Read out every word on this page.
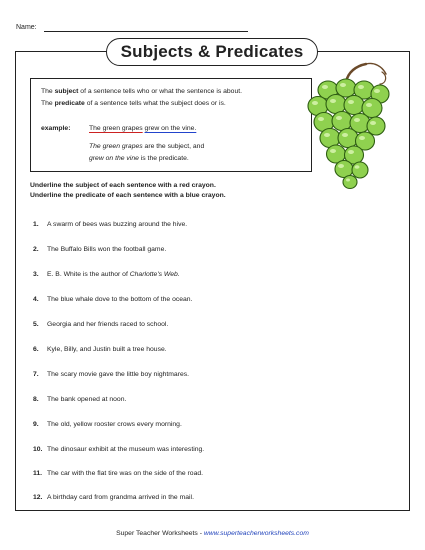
Name:
Subjects & Predicates
The subject of a sentence tells who or what the sentence is about.
The predicate of a sentence tells what the subject does or is.
example:	The green grapes grew on the vine.
The green grapes are the subject, and
grew on the vine is the predicate.
Underline the subject of each sentence with a red crayon.
Underline the predicate of each sentence with a blue crayon.
1. A swarm of bees was buzzing around the hive.
2. The Buffalo Bills won the football game.
3. E. B. White is the author of Charlotte's Web.
4. The blue whale dove to the bottom of the ocean.
5. Georgia and her friends raced to school.
6. Kyle, Billy, and Justin built a tree house.
7. The scary movie gave the little boy nightmares.
8. The bank opened at noon.
9. The old, yellow rooster crows every morning.
10. The dinosaur exhibit at the museum was interesting.
11. The car with the flat tire was on the side of the road.
12. A birthday card from grandma arrived in the mail.
Super Teacher Worksheets - www.superteacherworksheets.com
